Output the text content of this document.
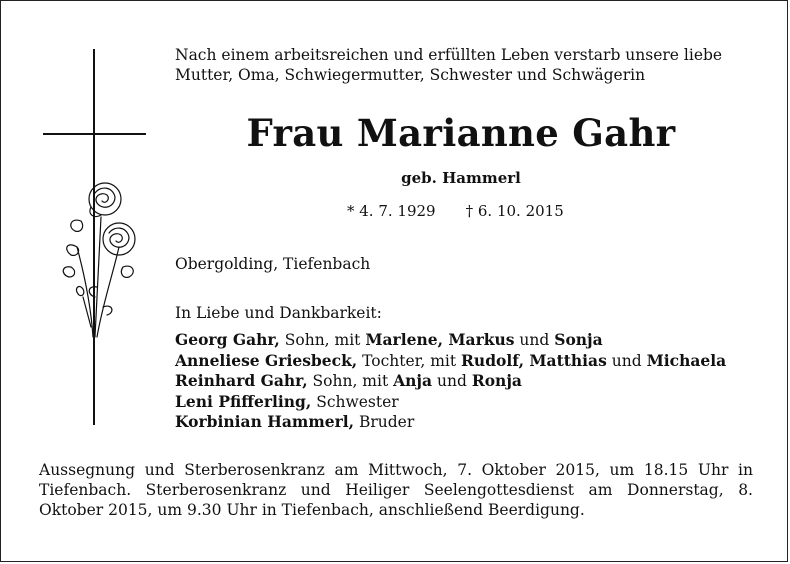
Nach einem arbeitsreichen und erfüllten Leben verstarb unsere liebe Mutter, Oma, Schwiegermutter, Schwester und Schwägerin
Frau Marianne Gahr
geb. Hammerl
* 4. 7. 1929 † 6. 10. 2015
Obergolding, Tiefenbach
In Liebe und Dankbarkeit:
Georg Gahr, Sohn, mit Marlene, Markus und Sonja
Anneliese Griesbeck, Tochter, mit Rudolf, Matthias und Michaela
Reinhard Gahr, Sohn, mit Anja und Ronja
Leni Pfifferling, Schwester
Korbinian Hammerl, Bruder
Aussegnung und Sterberosenkranz am Mittwoch, 7. Oktober 2015, um 18.15 Uhr in Tiefenbach. Sterberosenkranz und Heiliger Seelengottesdienst am Donnerstag, 8. Oktober 2015, um 9.30 Uhr in Tiefenbach, anschließend Beerdigung.
